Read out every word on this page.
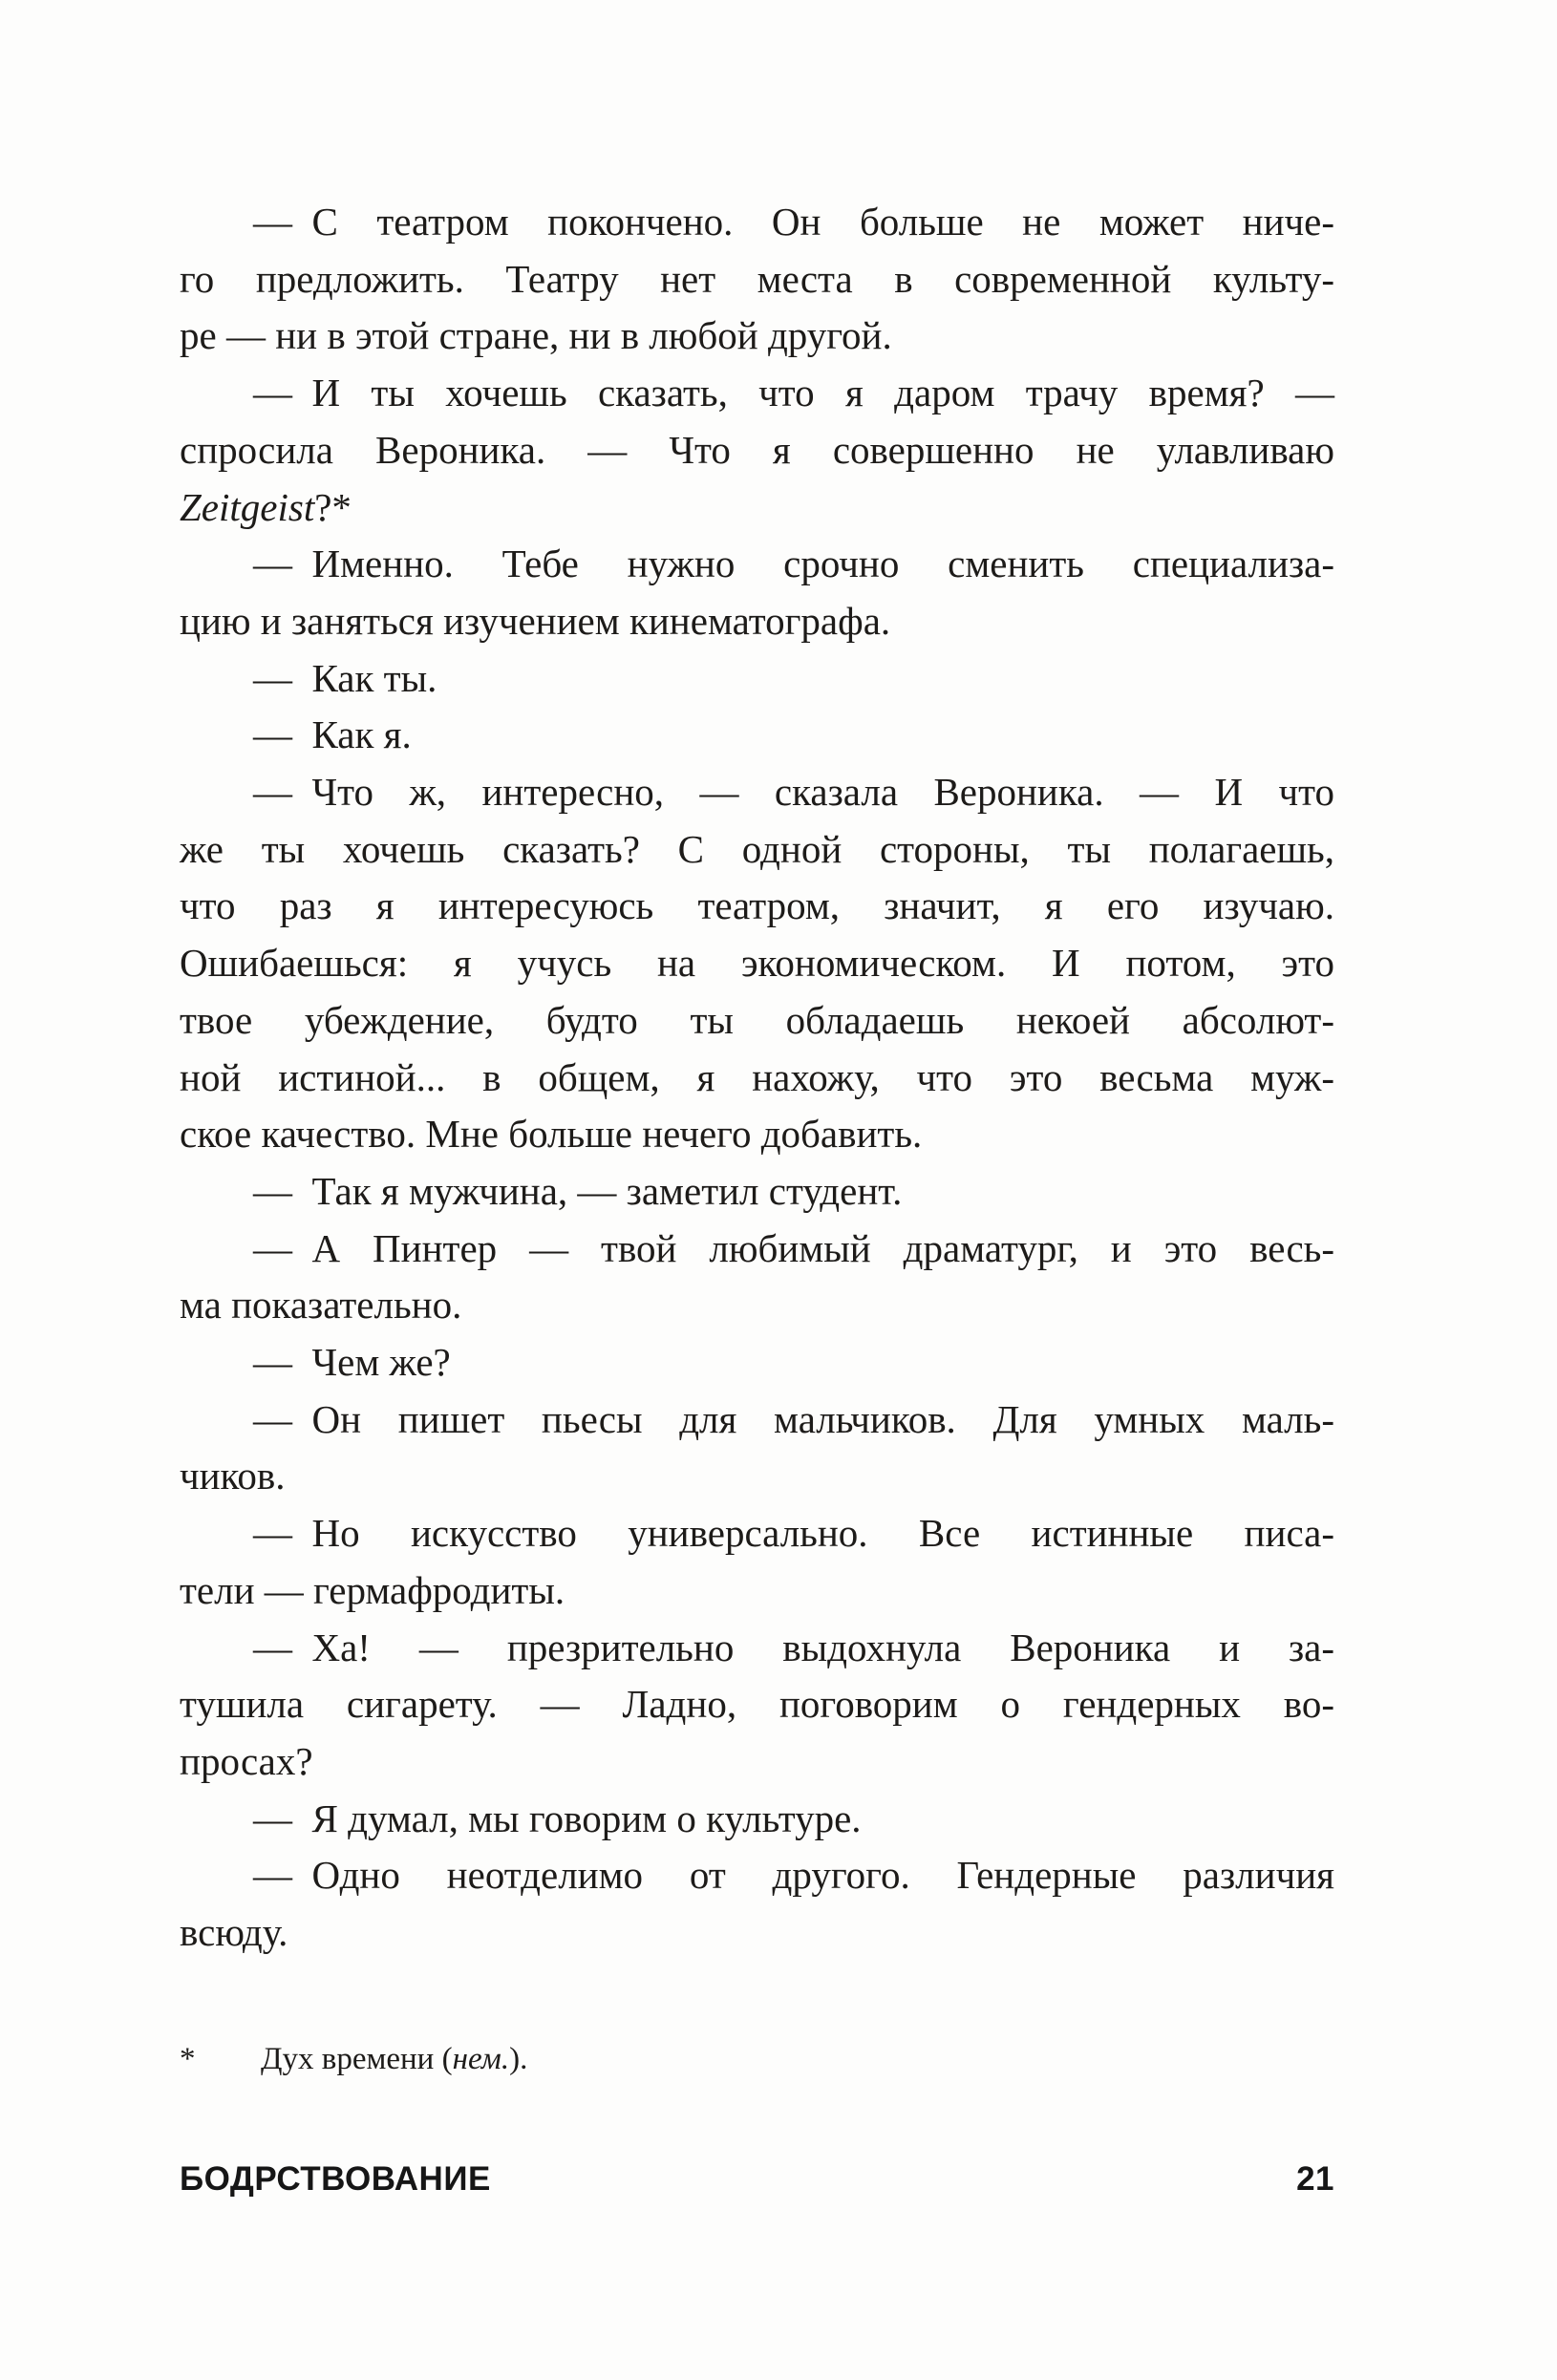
— С театром покончено. Он больше не может ниче-
го предложить. Театру нет места в современной культу-
ре — ни в этой стране, ни в любой другой.
— И ты хочешь сказать, что я даром трачу время? —
спросила Вероника. — Что я совершенно не улавливаю
Zeitgeist?*
— Именно. Тебе нужно срочно сменить специализа-
цию и заняться изучением кинематографа.
— Как ты.
— Как я.
— Что ж, интересно, — сказала Вероника. — И что
же ты хочешь сказать? С одной стороны, ты полагаешь,
что раз я интересуюсь театром, значит, я его изучаю.
Ошибаешься: я учусь на экономическом. И потом, это
твое убеждение, будто ты обладаешь некоей абсолют-
ной истиной... в общем, я нахожу, что это весьма муж-
ское качество. Мне больше нечего добавить.
— Так я мужчина, — заметил студент.
— А Пинтер — твой любимый драматург, и это весь-
ма показательно.
— Чем же?
— Он пишет пьесы для мальчиков. Для умных маль-
чиков.
— Но искусство универсально. Все истинные писа-
тели — гермафродиты.
— Ха! — презрительно выдохнула Вероника и за-
тушила сигарету. — Ладно, поговорим о гендерных во-
просах?
— Я думал, мы говорим о культуре.
— Одно неотделимо от другого. Гендерные различия
всюду.
* Дух времени (нем.).
БОДРСТВОВАНИЕ	21
